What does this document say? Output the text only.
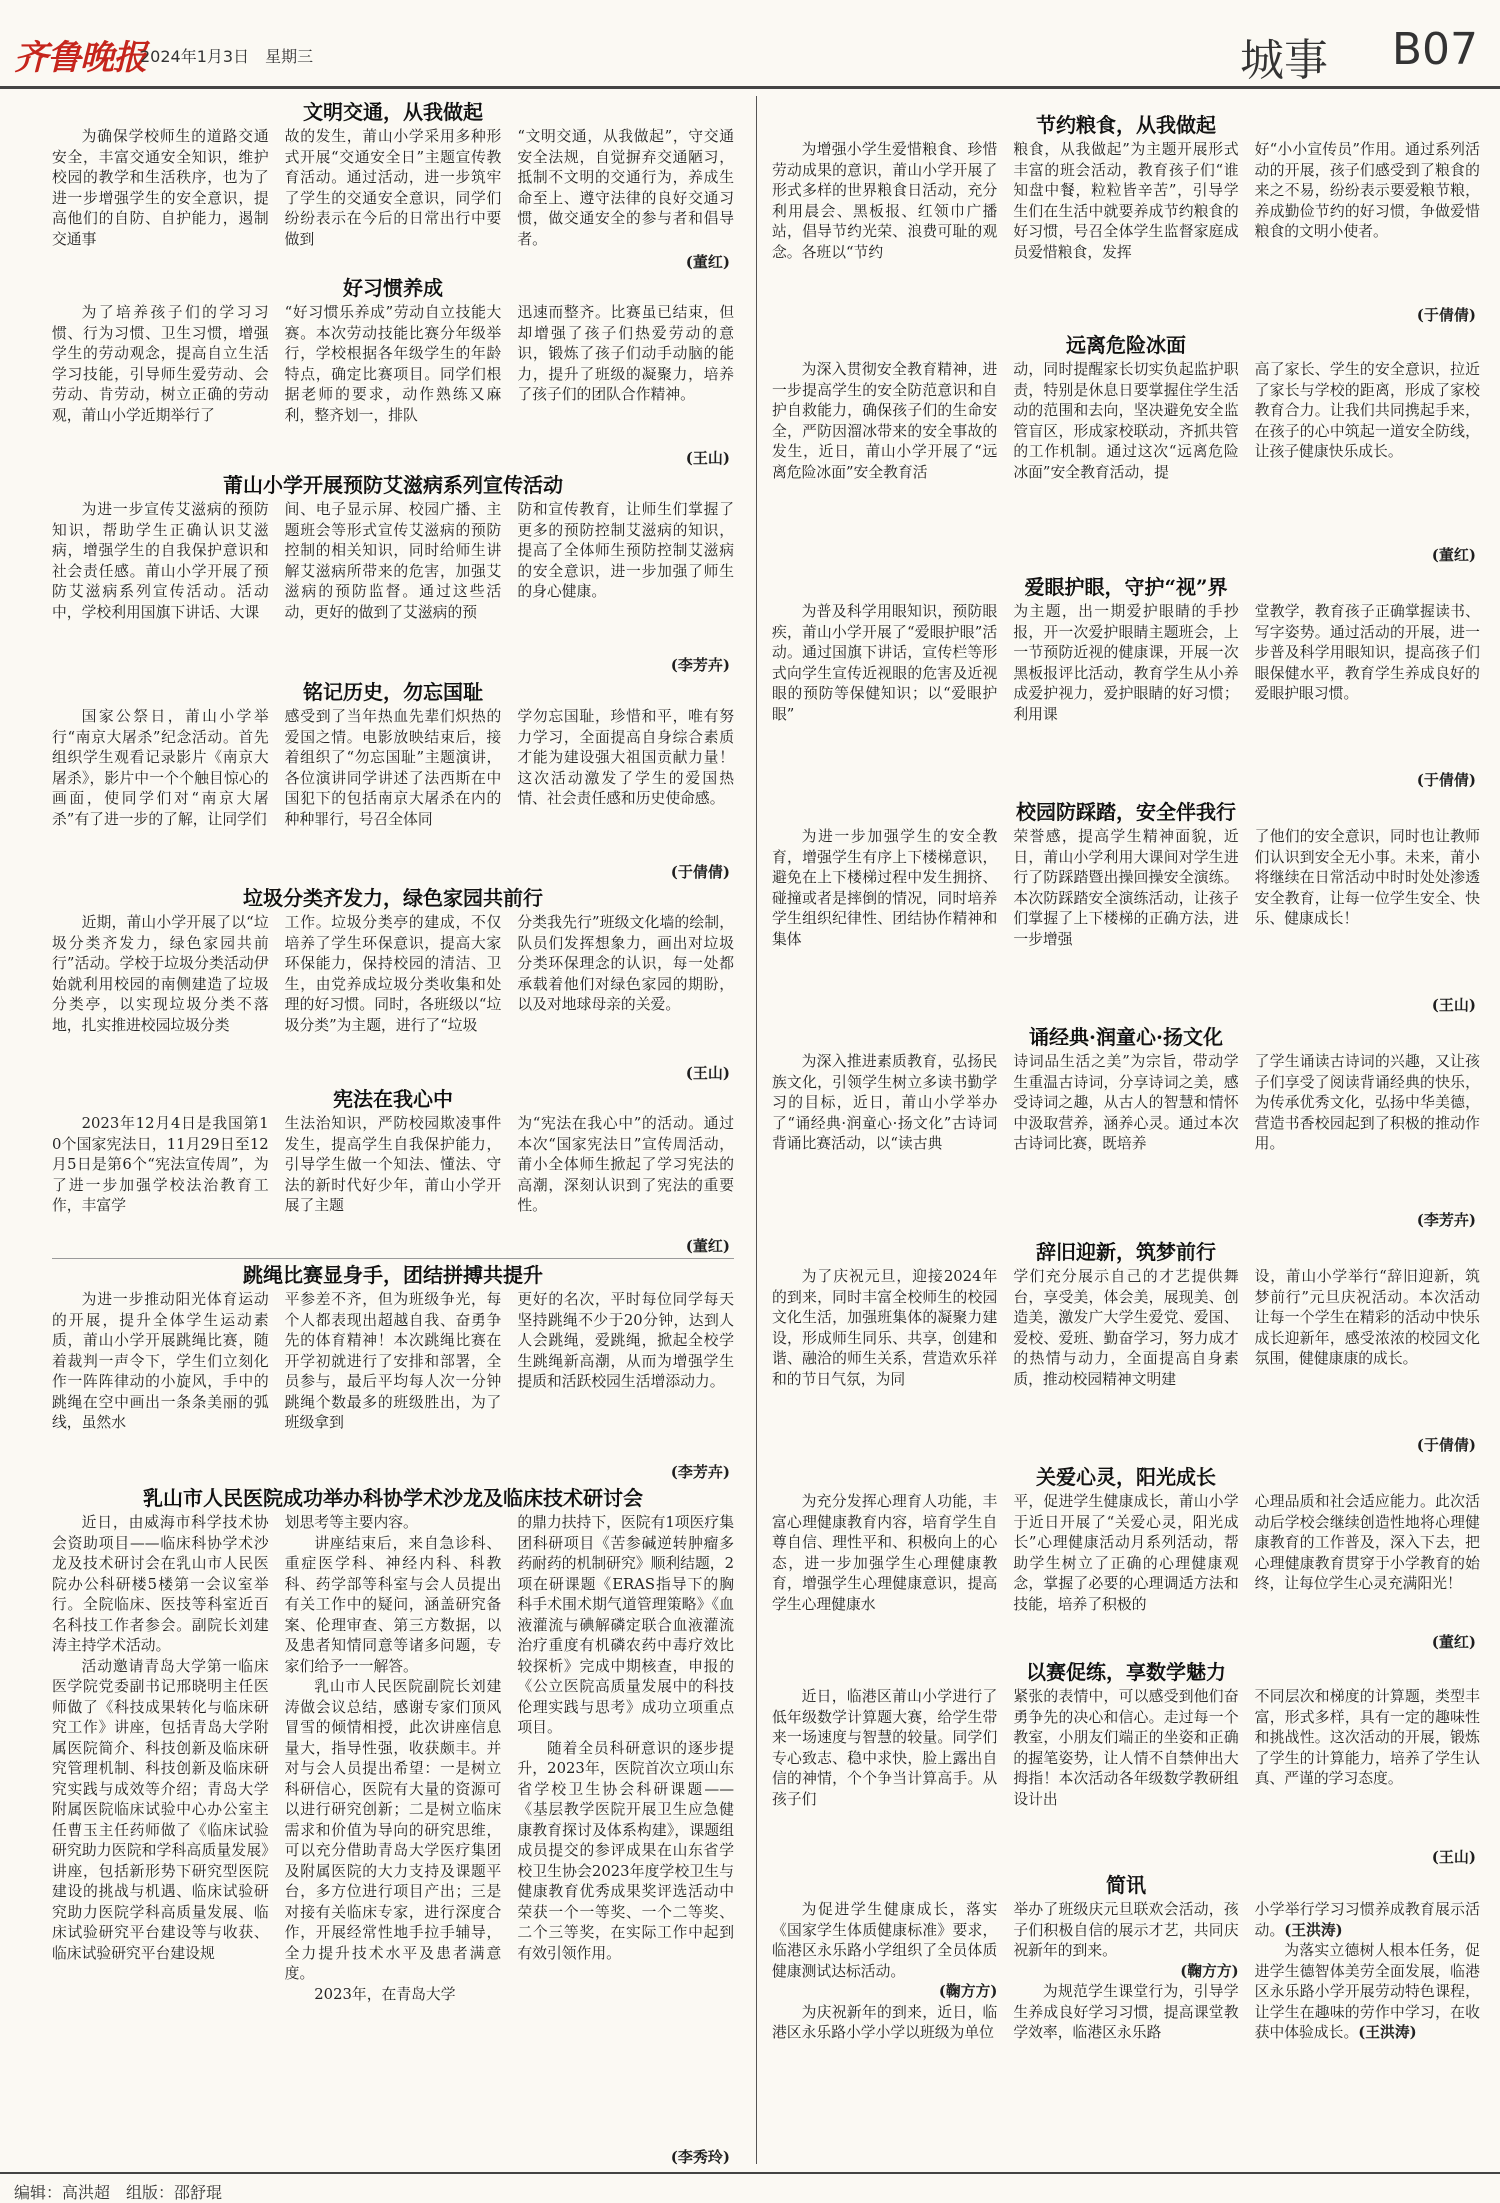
齐鲁晚报
2024年1月3日　星期三	城事 B07
文明交通，从我做起

为确保学校师生的道路交通安全，丰富交通安全知识，维护校园的教学和生活秩序，也为了进一步增强学生的安全意识，提高他们的自防、自护能力，遏制交通事

故的发生，莆山小学采用多种形式开展“交通安全日”主题宣传教育活动。通过活动，进一步筑牢了学生的交通安全意识，同学们纷纷表示在今后的日常出行中要做到

“文明交通，从我做起”，守交通安全法规，自觉摒弃交通陋习，抵制不文明的交通行为，养成生命至上、遵守法律的良好交通习惯，做交通安全的参与者和倡导者。

(董红)
好习惯养成

为了培养孩子们的学习习惯、行为习惯、卫生习惯，增强学生的劳动观念，提高自立生活学习技能，引导师生爱劳动、会劳动、肯劳动，树立正确的劳动观，莆山小学近期举行了

“好习惯乐养成”劳动自立技能大赛。本次劳动技能比赛分年级举行，学校根据各年级学生的年龄特点，确定比赛项目。同学们根据老师的要求，动作熟练又麻利，整齐划一，排队

迅速而整齐。比赛虽已结束，但却增强了孩子们热爱劳动的意识，锻炼了孩子们动手动脑的能力，提升了班级的凝聚力，培养了孩子们的团队合作精神。

(王山)
莆山小学开展预防艾滋病系列宣传活动

为进一步宣传艾滋病的预防知识，帮助学生正确认识艾滋病，增强学生的自我保护意识和社会责任感。莆山小学开展了预防艾滋病系列宣传活动。活动中，学校利用国旗下讲话、大课

间、电子显示屏、校园广播、主题班会等形式宣传艾滋病的预防控制的相关知识，同时给师生讲解艾滋病所带来的危害，加强艾滋病的预防监督。通过这些活动，更好的做到了艾滋病的预

防和宣传教育，让师生们掌握了更多的预防控制艾滋病的知识，提高了全体师生预防控制艾滋病的安全意识，进一步加强了师生的身心健康。

(李芳卉)
铭记历史，勿忘国耻

国家公祭日，莆山小学举行“南京大屠杀”纪念活动。首先组织学生观看记录影片《南京大屠杀》，影片中一个个触目惊心的画面，使同学们对“南京大屠杀”有了进一步的了解，让同学们

感受到了当年热血先辈们炽热的爱国之情。电影放映结束后，接着组织了“勿忘国耻”主题演讲，各位演讲同学讲述了法西斯在中国犯下的包括南京大屠杀在内的种种罪行，号召全体同

学勿忘国耻，珍惜和平，唯有努力学习，全面提高自身综合素质才能为建设强大祖国贡献力量！这次活动激发了学生的爱国热情、社会责任感和历史使命感。

(于倩倩)
垃圾分类齐发力，绿色家园共前行

近期，莆山小学开展了以“垃圾分类齐发力，绿色家园共前行”活动。学校于垃圾分类活动伊始就利用校园的南侧建造了垃圾分类亭，以实现垃圾分类不落地，扎实推进校园垃圾分类

工作。垃圾分类亭的建成，不仅培养了学生环保意识，提高大家环保能力，保持校园的清洁、卫生，由党养成垃圾分类收集和处理的好习惯。同时，各班级以“垃圾分类”为主题，进行了“垃圾

分类我先行”班级文化墙的绘制，队员们发挥想象力，画出对垃圾分类环保理念的认识，每一处都承载着他们对绿色家园的期盼，以及对地球母亲的关爱。

(王山)
宪法在我心中

2023年12月4日是我国第10个国家宪法日，11月29日至12月5日是第6个“宪法宣传周”，为了进一步加强学校法治教育工作，丰富学

生法治知识，严防校园欺凌事件发生，提高学生自我保护能力，引导学生做一个知法、懂法、守法的新时代好少年，莆山小学开展了主题

为“宪法在我心中”的活动。通过本次“国家宪法日”宣传周活动，莆小全体师生掀起了学习宪法的高潮，深刻认识到了宪法的重要性。

(董红)
跳绳比赛显身手，团结拼搏共提升

为进一步推动阳光体育运动的开展，提升全体学生运动素质，莆山小学开展跳绳比赛，随着裁判一声令下，学生们立刻化作一阵阵律动的小旋风，手中的跳绳在空中画出一条条美丽的弧线，虽然水

平参差不齐，但为班级争光，每个人都表现出超越自我、奋勇争先的体育精神！本次跳绳比赛在开学初就进行了安排和部署，全员参与，最后平均每人次一分钟跳绳个数最多的班级胜出，为了班级拿到

更好的名次，平时每位同学每天坚持跳绳不少于20分钟，达到人人会跳绳，爱跳绳，掀起全校学生跳绳新高潮，从而为增强学生提质和活跃校园生活增添动力。

(李芳卉)
乳山市人民医院成功举办科协学术沙龙及临床技术研讨会

近日，由威海市科学技术协会资助项目——临床科协学术沙龙及技术研讨会在乳山市人民医院办公科研楼5楼第一会议室举行。全院临床、医技等科室近百名科技工作者参会。副院长刘建涛主持学术活动。

活动邀请青岛大学第一临床医学院党委副书记邢晓明主任医师做了《科技成果转化与临床研究工作》讲座，包括青岛大学附属医院简介、科技创新及临床研究管理机制、科技创新及临床研究实践与成效等介绍；青岛大学附属医院临床试验中心办公室主任曹玉主任药师做了《临床试验研究助力医院和学科高质量发展》讲座，包括新形势下研究型医院建设的挑战与机遇、临床试验研究助力医院学科高质量发展、临床试验研究平台建设等与收获、临床试验研究平台建设规

划思考等主要内容。

讲座结束后，来自急诊科、重症医学科、神经内科、科教科、药学部等科室与会人员提出有关工作中的疑问，涵盖研究备案、伦理审查、第三方数据，以及患者知情同意等诸多问题，专家们给予一一解答。

乳山市人民医院副院长刘建涛做会议总结，感谢专家们顶风冒雪的倾情相授，此次讲座信息量大，指导性强，收获颇丰。并对与会人员提出希望：一是树立科研信心，医院有大量的资源可以进行研究创新；二是树立临床需求和价值为导向的研究思维，可以充分借助青岛大学医疗集团及附属医院的大力支持及课题平台，多方位进行项目产出；三是对接有关临床专家，进行深度合作，开展经常性地手拉手辅导，全力提升技术水平及患者满意度。

2023年，在青岛大学

的鼎力扶持下，医院有1项医疗集团科研项目《苦参碱逆转肿瘤多药耐药的机制研究》顺利结题，2项在研课题《ERAS指导下的胸科手术围术期气道管理策略》《血液灌流与碘解磷定联合血液灌流治疗重度有机磷农药中毒疗效比较探析》完成中期核查，申报的《公立医院高质量发展中的科技伦理实践与思考》成功立项重点项目。

随着全员科研意识的逐步提升，2023年，医院首次立项山东省学校卫生协会科研课题——《基层教学医院开展卫生应急健康教育探讨及体系构建》，课题组成员提交的参评成果在山东省学校卫生协会2023年度学校卫生与健康教育优秀成果奖评选活动中荣获一个一等奖、一个二等奖、二个三等奖，在实际工作中起到有效引领作用。

(李秀玲)
节约粮食，从我做起

为增强小学生爱惜粮食、珍惜劳动成果的意识，莆山小学开展了形式多样的世界粮食日活动，充分利用晨会、黑板报、红领巾广播站，倡导节约光荣、浪费可耻的观念。各班以“节约

粮食，从我做起”为主题开展形式丰富的班会活动，教育孩子们“谁知盘中餐，粒粒皆辛苦”，引导学生们在生活中就要养成节约粮食的好习惯，号召全体学生监督家庭成员爱惜粮食，发挥

好“小小宣传员”作用。通过系列活动的开展，孩子们感受到了粮食的来之不易，纷纷表示要爱粮节粮，养成勤俭节约的好习惯，争做爱惜粮食的文明小使者。

(于倩倩)
远离危险冰面

为深入贯彻安全教育精神，进一步提高学生的安全防范意识和自护自救能力，确保孩子们的生命安全，严防因溜冰带来的安全事故的发生，近日，莆山小学开展了“远离危险冰面”安全教育活

动，同时提醒家长切实负起监护职责，特别是休息日要掌握住学生活动的范围和去向，坚决避免安全监管盲区，形成家校联动，齐抓共管的工作机制。通过这次“远离危险冰面”安全教育活动，提

高了家长、学生的安全意识，拉近了家长与学校的距离，形成了家校教育合力。让我们共同携起手来，在孩子的心中筑起一道安全防线，让孩子健康快乐成长。

(董红)
爱眼护眼，守护“视”界

为普及科学用眼知识，预防眼疾，莆山小学开展了“爱眼护眼”活动。通过国旗下讲话，宣传栏等形式向学生宣传近视眼的危害及近视眼的预防等保健知识；以“爱眼护眼”

为主题，出一期爱护眼睛的手抄报，开一次爱护眼睛主题班会，上一节预防近视的健康课，开展一次黑板报评比活动，教育学生从小养成爱护视力，爱护眼睛的好习惯；利用课

堂教学，教育孩子正确掌握读书、写字姿势。通过活动的开展，进一步普及科学用眼知识，提高孩子们眼保健水平，教育学生养成良好的爱眼护眼习惯。

(于倩倩)
校园防踩踏，安全伴我行

为进一步加强学生的安全教育，增强学生有序上下楼梯意识，避免在上下楼梯过程中发生拥挤、碰撞或者是摔倒的情况，同时培养学生组织纪律性、团结协作精神和集体

荣誉感，提高学生精神面貌，近日，莆山小学利用大课间对学生进行了防踩踏暨出操回操安全演练。本次防踩踏安全演练活动，让孩子们掌握了上下楼梯的正确方法，进一步增强

了他们的安全意识，同时也让教师们认识到安全无小事。未来，莆小将继续在日常活动中时时处处渗透安全教育，让每一位学生安全、快乐、健康成长！

(王山)
诵经典·润童心·扬文化

为深入推进素质教育，弘扬民族文化，引领学生树立多读书勤学习的目标，近日，莆山小学举办了“诵经典·润童心·扬文化”古诗词背诵比赛活动，以“读古典

诗词品生活之美”为宗旨，带动学生重温古诗词，分享诗词之美，感受诗词之趣，从古人的智慧和情怀中汲取营养，涵养心灵。通过本次古诗词比赛，既培养

了学生诵读古诗词的兴趣，又让孩子们享受了阅读背诵经典的快乐，为传承优秀文化，弘扬中华美德，营造书香校园起到了积极的推动作用。

(李芳卉)
辞旧迎新，筑梦前行

为了庆祝元旦，迎接2024年的到来，同时丰富全校师生的校园文化生活，加强班集体的凝聚力建设，形成师生同乐、共享，创建和谐、融洽的师生关系，营造欢乐祥和的节日气氛，为同

学们充分展示自己的才艺提供舞台，享受美，体会美，展现美、创造美，激发广大学生爱党、爱国、爱校、爱班、勤奋学习，努力成才的热情与动力，全面提高自身素质，推动校园精神文明建

设，莆山小学举行“辞旧迎新，筑梦前行”元旦庆祝活动。本次活动让每一个学生在精彩的活动中快乐成长迎新年，感受浓浓的校园文化氛围，健健康康的成长。

(于倩倩)
关爱心灵，阳光成长

为充分发挥心理育人功能，丰富心理健康教育内容，培育学生自尊自信、理性平和、积极向上的心态，进一步加强学生心理健康教育，增强学生心理健康意识，提高学生心理健康水

平，促进学生健康成长，莆山小学于近日开展了“关爱心灵，阳光成长”心理健康活动月系列活动，帮助学生树立了正确的心理健康观念，掌握了必要的心理调适方法和技能，培养了积极的

心理品质和社会适应能力。此次活动后学校会继续创造性地将心理健康教育的工作普及，深入下去，把心理健康教育贯穿于小学教育的始终，让每位学生心灵充满阳光！

(董红)
以赛促练，享数学魅力

近日，临港区莆山小学进行了低年级数学计算题大赛，给学生带来一场速度与智慧的较量。同学们专心致志、稳中求快，脸上露出自信的神情，个个争当计算高手。从孩子们

紧张的表情中，可以感受到他们奋勇争先的决心和信心。走过每一个教室，小朋友们端正的坐姿和正确的握笔姿势，让人情不自禁伸出大拇指！本次活动各年级数学教研组设计出

不同层次和梯度的计算题，类型丰富，形式多样，具有一定的趣味性和挑战性。这次活动的开展，锻炼了学生的计算能力，培养了学生认真、严谨的学习态度。

(王山)
简讯

为促进学生健康成长，落实《国家学生体质健康标准》要求，临港区永乐路小学组织了全员体质健康测试达标活动。

(鞠方方)

为庆祝新年的到来，近日，临港区永乐路小学小学以班级为单位

举办了班级庆元旦联欢会活动，孩子们积极自信的展示才艺，共同庆祝新年的到来。

(鞠方方)

为规范学生课堂行为，引导学生养成良好学习习惯，提高课堂教学效率，临港区永乐路

小学举行学习习惯养成教育展示活动。(王洪涛)

为落实立德树人根本任务，促进学生德智体美劳全面发展，临港区永乐路小学开展劳动特色课程，让学生在趣味的劳作中学习，在收获中体验成长。(王洪涛)

编辑：高洪超　组版：邵舒琨
